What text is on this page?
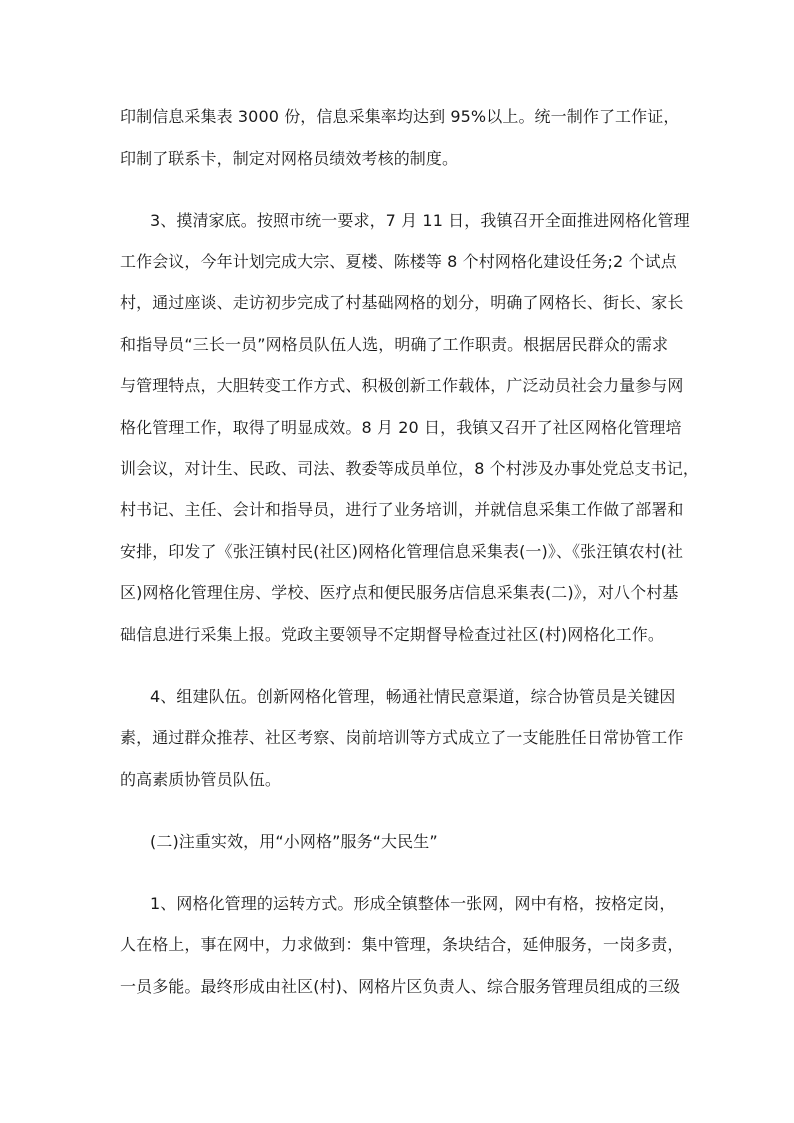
印制信息采集表 3000 份，信息采集率均达到 95%以上。统一制作了工作证，
印制了联系卡，制定对网格员绩效考核的制度。
3、摸清家底。按照市统一要求，7 月 11 日，我镇召开全面推进网格化管理
工作会议，今年计划完成大宗、夏楼、陈楼等 8 个村网格化建设任务;2 个试点
村，通过座谈、走访初步完成了村基础网格的划分，明确了网格长、街长、家长
和指导员“三长一员”网格员队伍人选，明确了工作职责。根据居民群众的需求
与管理特点，大胆转变工作方式、积极创新工作载体，广泛动员社会力量参与网
格化管理工作，取得了明显成效。8 月 20 日，我镇又召开了社区网格化管理培
训会议，对计生、民政、司法、教委等成员单位，8 个村涉及办事处党总支书记，
村书记、主任、会计和指导员，进行了业务培训，并就信息采集工作做了部署和
安排，印发了《张汪镇村民(社区)网格化管理信息采集表(一)》、《张汪镇农村(社
区)网格化管理住房、学校、医疗点和便民服务店信息采集表(二)》，对八个村基
础信息进行采集上报。党政主要领导不定期督导检查过社区(村)网格化工作。
4、组建队伍。创新网格化管理，畅通社情民意渠道，综合协管员是关键因
素，通过群众推荐、社区考察、岗前培训等方式成立了一支能胜任日常协管工作
的高素质协管员队伍。
(二)注重实效，用“小网格”服务“大民生”
1、网格化管理的运转方式。形成全镇整体一张网，网中有格，按格定岗，
人在格上，事在网中，力求做到：集中管理，条块结合，延伸服务，一岗多责，
一员多能。最终形成由社区(村)、网格片区负责人、综合服务管理员组成的三级
